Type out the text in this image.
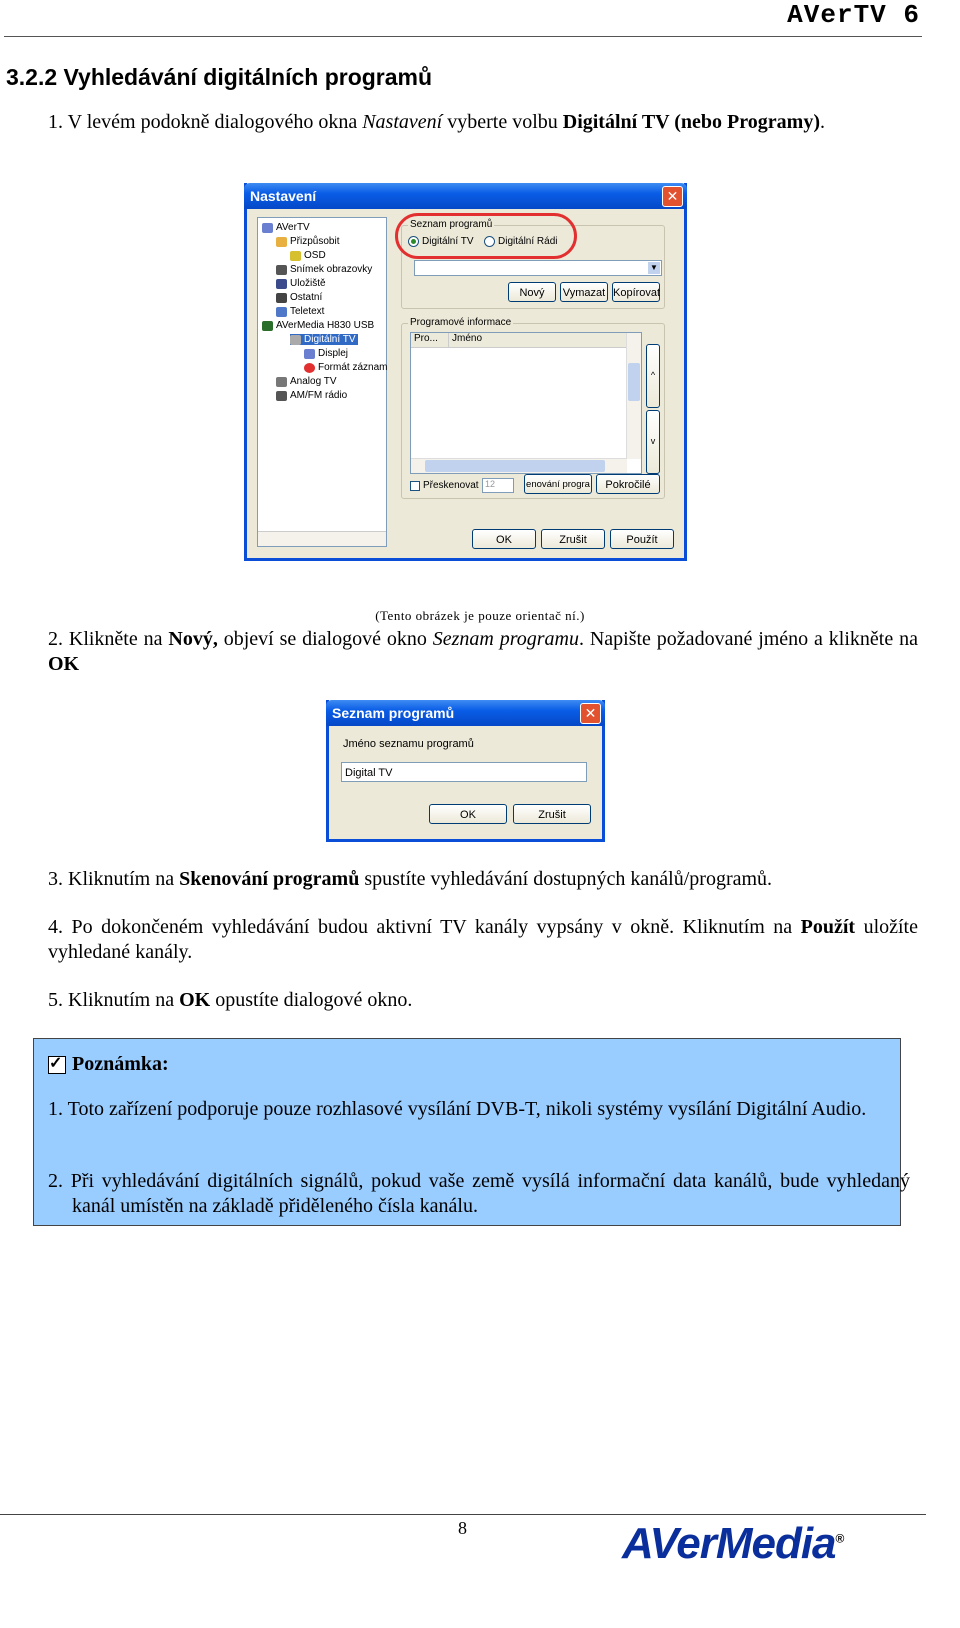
AVerTV 6
3.2.2 Vyhledávání digitálních programů
1. V levém podokně dialogového okna Nastavení vyberte volbu Digitální TV (nebo Programy).
Nastavení	✕
AVerTV
Přizpůsobit
OSD
Snímek obrazovky
Uložiště
Ostatní
Teletext
AVerMedia H830 USB
Digitální TV
Displej
Formát záznam
Analog TV
AM/FM rádio
Seznam programů
Digitální TV Digitální Rádi
▼
Nový	Vymazat Kopírovat
Programové informace
Pro...	Jméno
^
v
Přeskenovat 12	enování progra	Pokročilé
OK	Zrušit	Použít
(Tento obrázek je pouze orientač ní.)
2. Klikněte na Nový, objeví se dialogové okno Seznam programu. Napište požadované jméno a klikněte na OK
Seznam programů	✕
Jméno seznamu programů
Digital TV
OK	Zrušit
3. Kliknutím na Skenování programů spustíte vyhledávání dostupných kanálů/programů.
4. Po dokončeném vyhledávání budou aktivní TV kanály vypsány v okně. Kliknutím na Použít uložíte vyhledané kanály.
5. Kliknutím na OK opustíte dialogové okno.
✓ Poznámka:
1. Toto zařízení podporuje pouze rozhlasové vysílání DVB-T, nikoli systémy vysílání Digitální Audio.
2. Při vyhledávání digitálních signálů, pokud vaše země vysílá informační data kanálů, bude vyhledaný kanál umístěn na základě přiděleného čísla kanálu.
8	AVerMedia®
